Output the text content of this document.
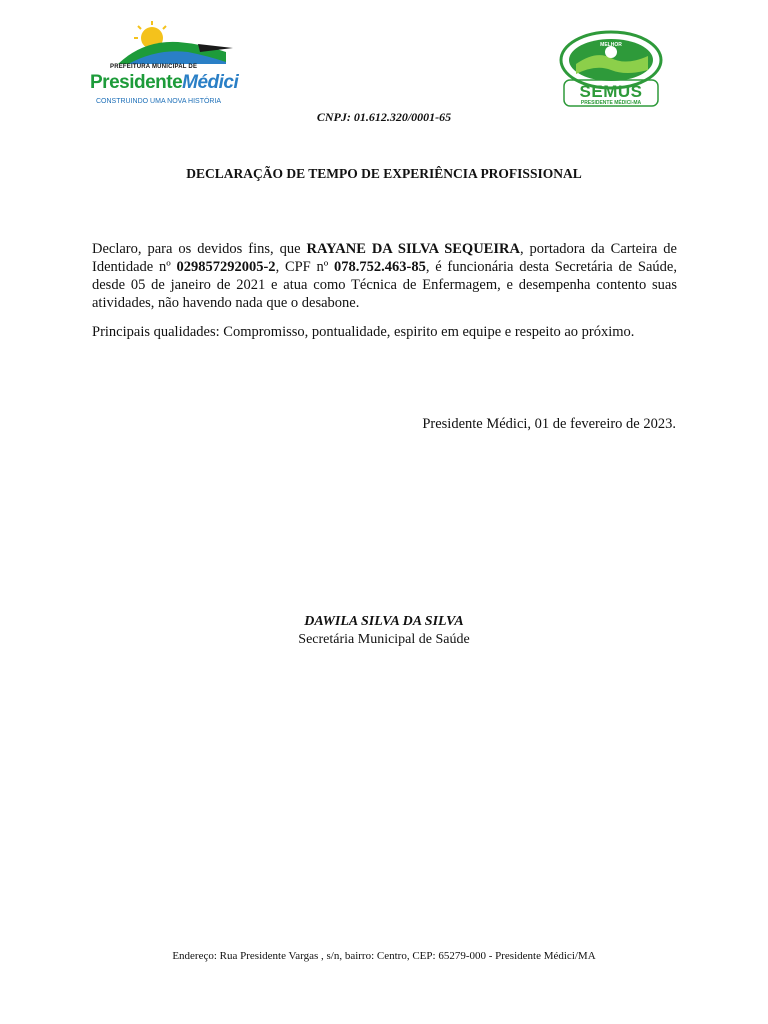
PREFEITURA MUNICIPAL DE
PresidenteMédici
CONSTRUINDO UMA NOVA HISTÓRIA
MELHOR
SEMUS
PRESIDENTE MÉDICI-MA
CNPJ: 01.612.320/0001-65
DECLARAÇÃO DE TEMPO DE EXPERIÊNCIA PROFISSIONAL
Declaro, para os devidos fins, que RAYANE DA SILVA SEQUEIRA, portadora da Carteira de Identidade nº 029857292005-2, CPF nº 078.752.463-85, é funcionária desta Secretária de Saúde, desde 05 de janeiro de 2021 e atua como Técnica de Enfermagem, e desempenha contento suas atividades, não havendo nada que o desabone.
Principais qualidades: Compromisso, pontualidade, espirito em equipe e respeito ao próximo.
Presidente Médici, 01 de fevereiro de 2023.
DAWILA SILVA DA SILVA
Secretária Municipal de Saúde
Endereço: Rua Presidente Vargas , s/n, bairro: Centro, CEP: 65279-000 - Presidente Médici/MA
